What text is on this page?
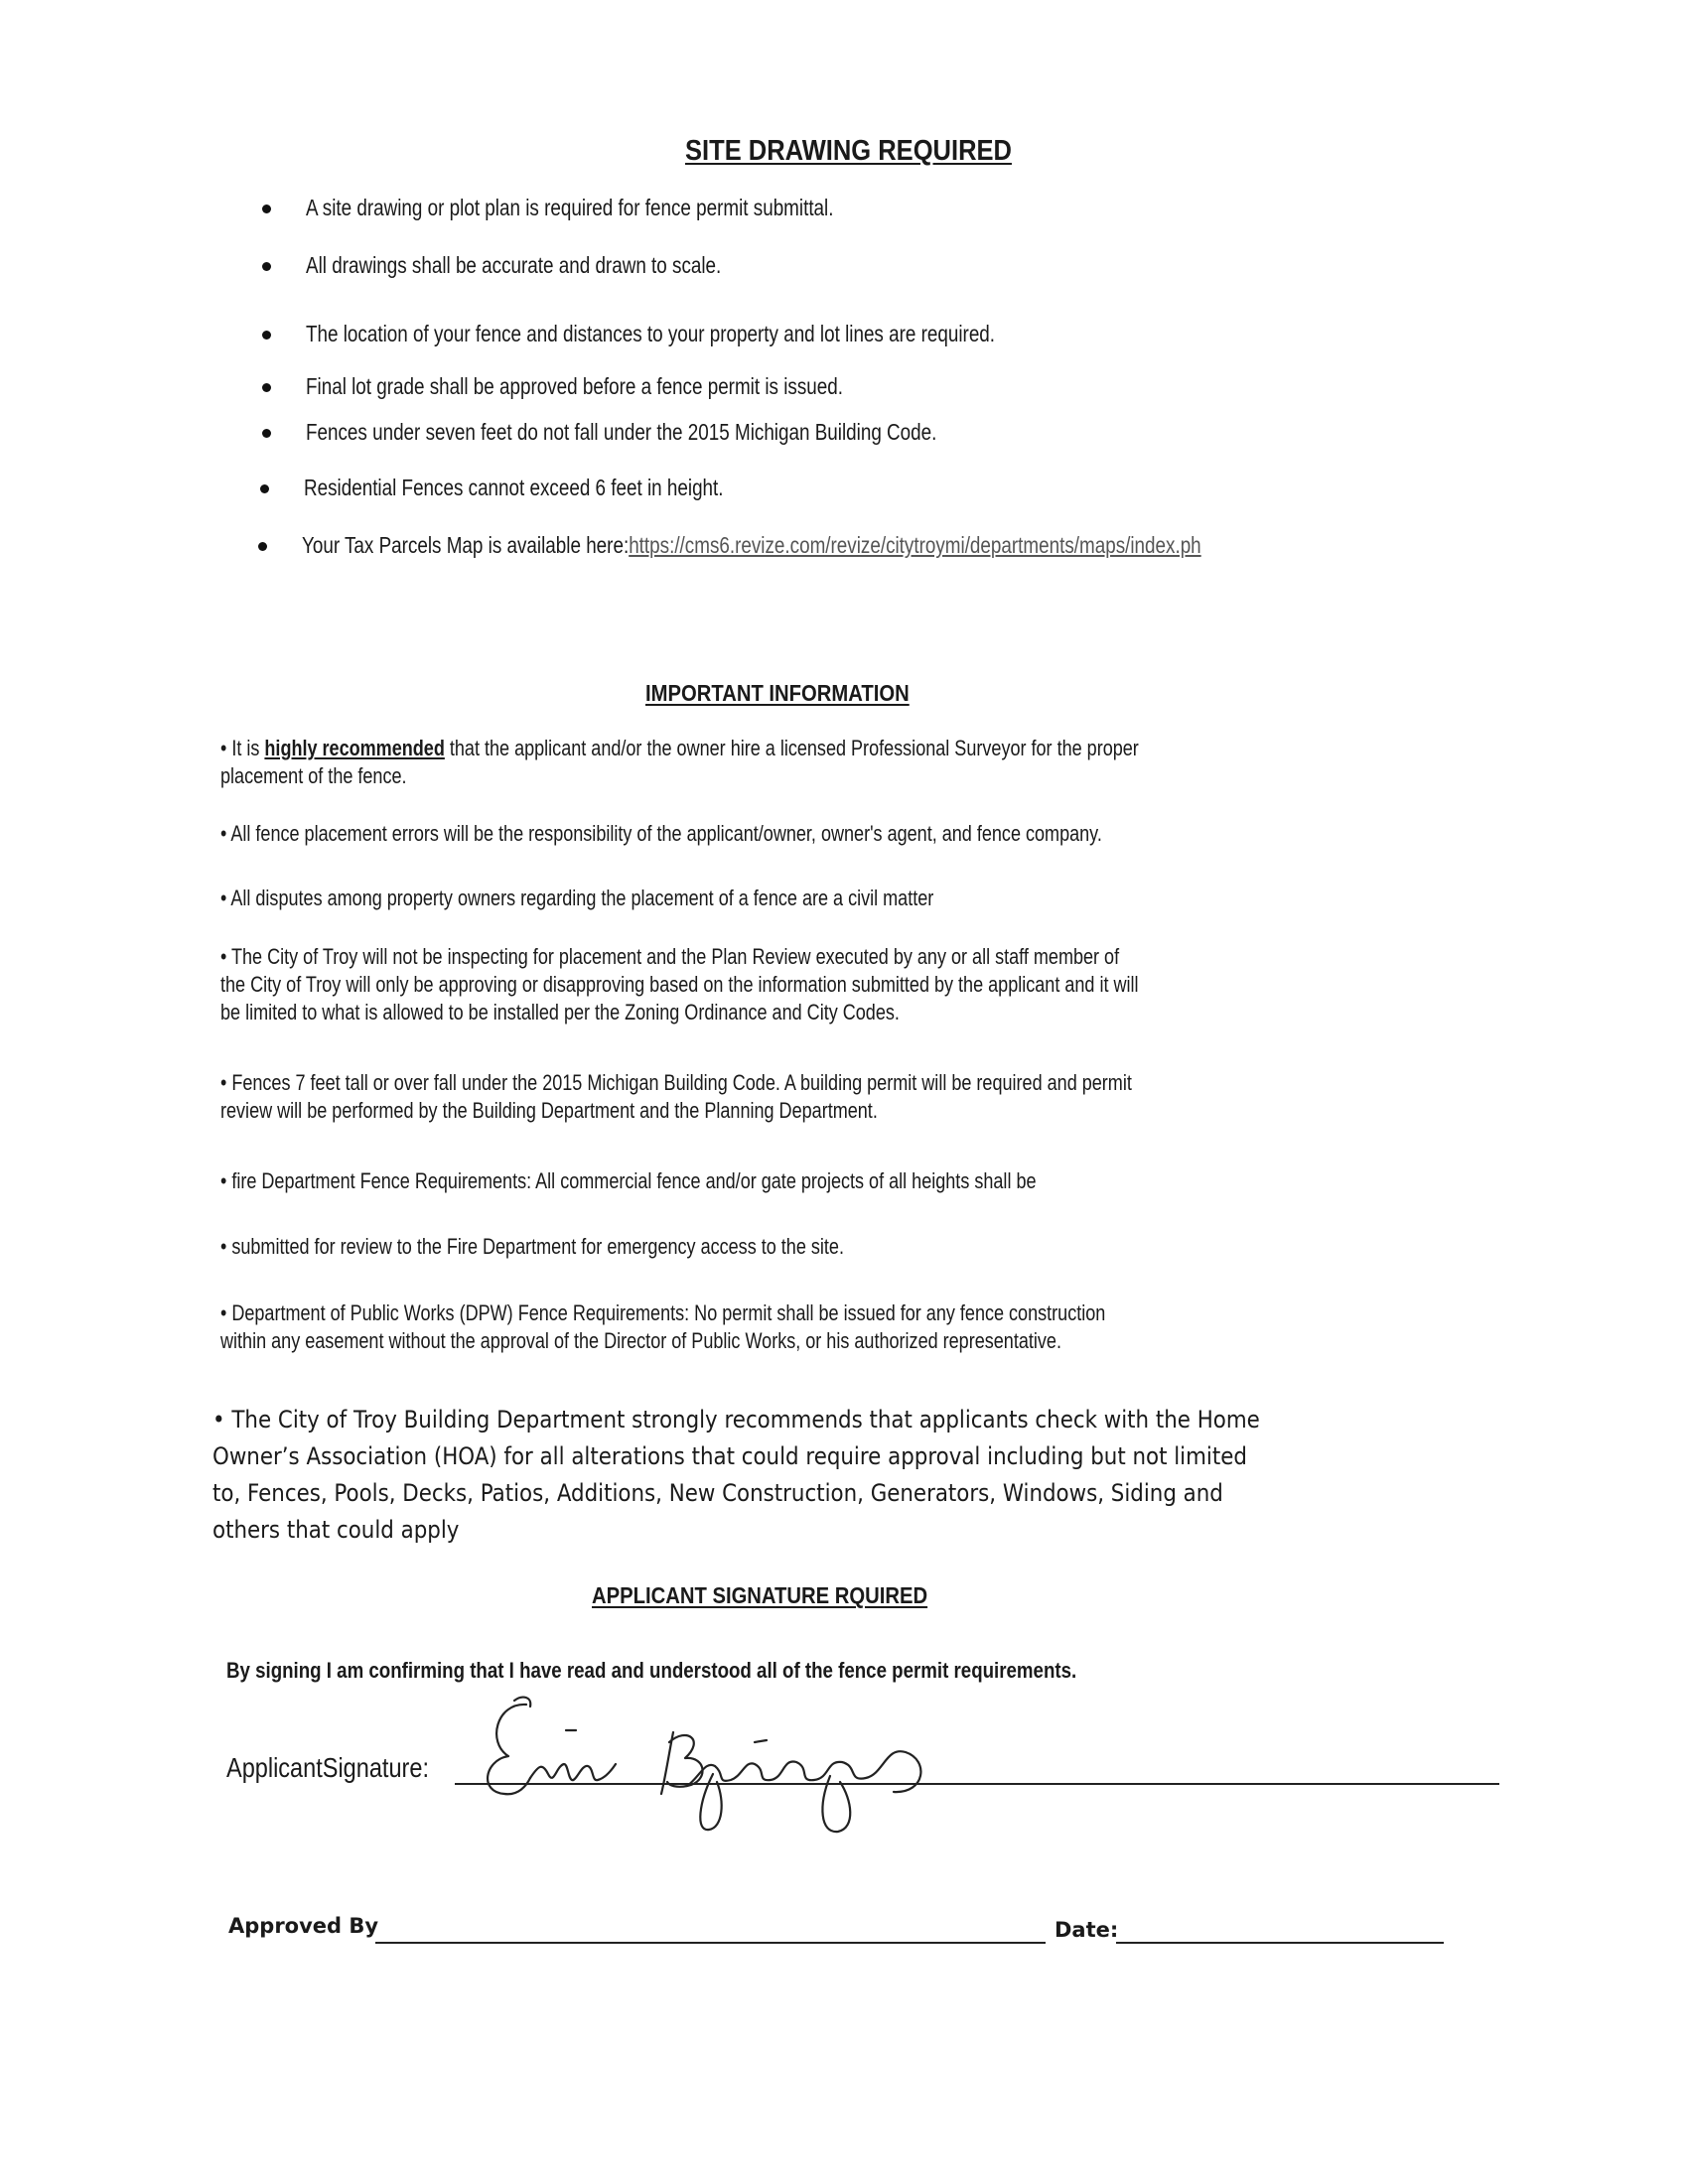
SITE DRAWING REQUIRED
A site drawing or plot plan is required for fence permit submittal.
All drawings shall be accurate and drawn to scale.
The location of your fence and distances to your property and lot lines are required.
Final lot grade shall be approved before a fence permit is issued.
Fences under seven feet do not fall under the 2015 Michigan Building Code.
Residential Fences cannot exceed 6 feet in height.
Your Tax Parcels Map is available here:https://cms6.revize.com/revize/citytroymi/departments/maps/index.ph
IMPORTANT INFORMATION
• It is highly recommended that the applicant and/or the owner hire a licensed Professional Surveyor for the proper placement of the fence.
• All fence placement errors will be the responsibility of the applicant/owner, owner's agent, and fence company.
• All disputes among property owners regarding the placement of a fence are a civil matter
• The City of Troy will not be inspecting for placement and the Plan Review executed by any or all staff member of the City of Troy will only be approving or disapproving based on the information submitted by the applicant and it will be limited to what is allowed to be installed per the Zoning Ordinance and City Codes.
• Fences 7 feet tall or over fall under the 2015 Michigan Building Code. A building permit will be required and permit review will be performed by the Building Department and the Planning Department.
• fire Department Fence Requirements: All commercial fence and/or gate projects of all heights shall be
• submitted for review to the Fire Department for emergency access to the site.
• Department of Public Works (DPW) Fence Requirements: No permit shall be issued for any fence construction within any easement without the approval of the Director of Public Works, or his authorized representative.
• The City of Troy Building Department strongly recommends that applicants check with the Home Owner’s Association (HOA) for all alterations that could require approval including but not limited to, Fences, Pools, Decks, Patios, Additions, New Construction, Generators, Windows, Siding and others that could apply
APPLICANT SIGNATURE RQUIRED
By signing I am confirming that I have read and understood all of the fence permit requirements.
ApplicantSignature:
Approved By	Date:
